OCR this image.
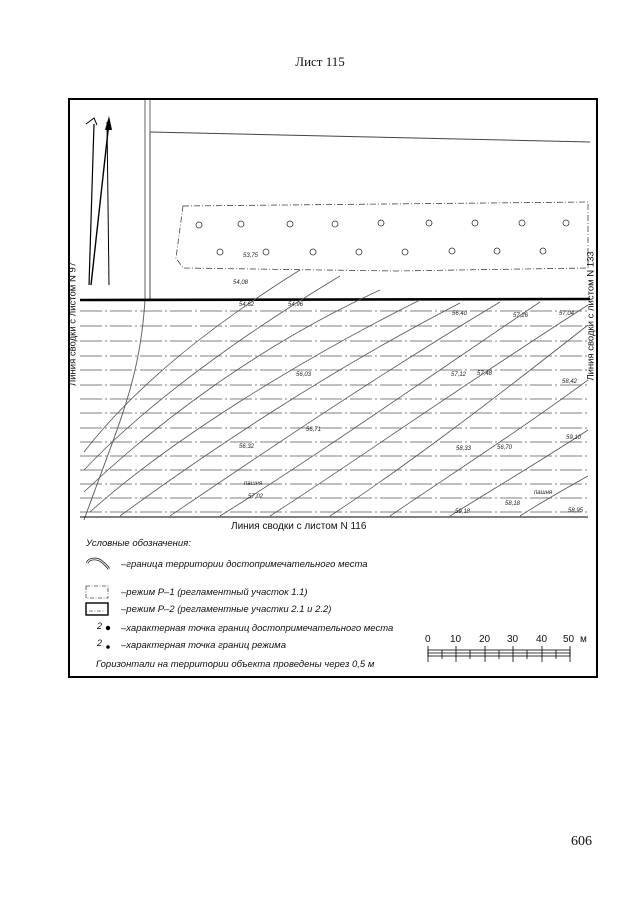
Лист 115
53,75
54,08
54,62	54,96
56,40	57,26	57,04
56,03	57,12 57,48
58,42
56,71
56,32	58,33	56,70
59,10
пашня
57,02
пашня
58,18
59,18	58,95
Линия сводки с листом N 97	Линия сводки с листом N 133
Линия сводки с листом N 116
Условные обозначения:
–граница территории достопримечательного места
–режим Р–1 (регламентный участок 1.1)
–режим Р–2 (регламентные участки 2.1 и 2.2)
2 –характерная точка границ достопримечательного места
2 –характерная точка границ режима
Горизонтали на территории объекта проведены через 0,5 м
0 10 20 30 40 50 м
606
